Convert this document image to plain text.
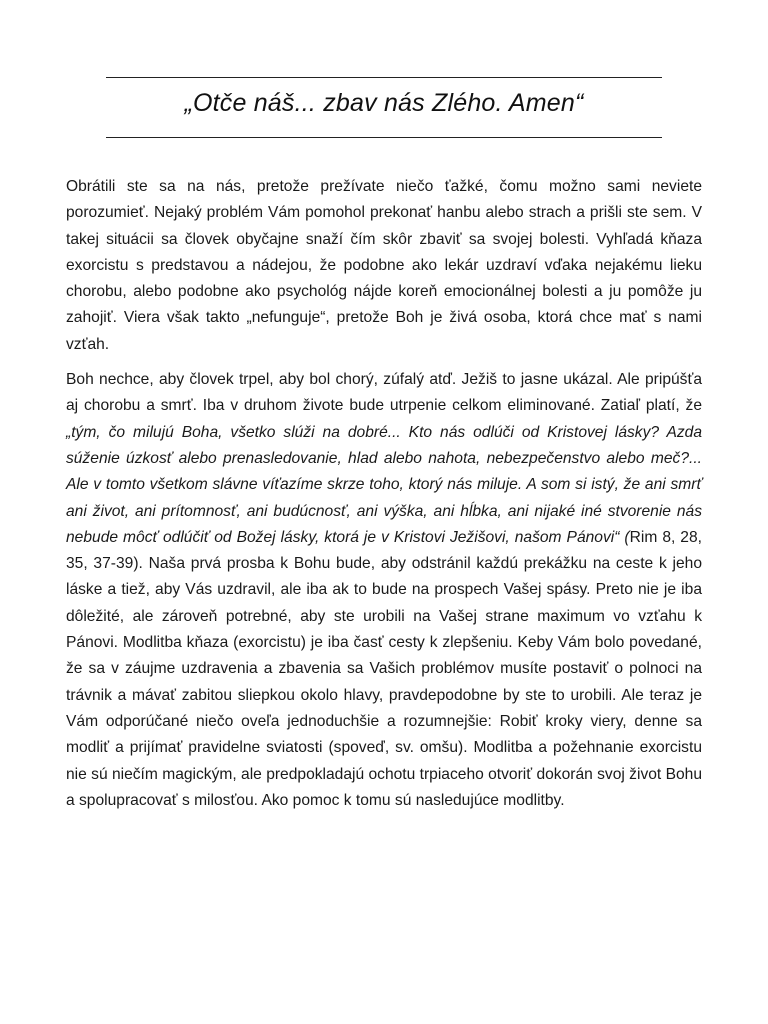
„Otče náš... zbav nás Zlého. Amen“

Obrátili ste sa na nás, pretože prežívate niečo ťažké, čomu možno sami neviete porozumieť. Nejaký problém Vám pomohol prekonať hanbu alebo strach a prišli ste sem. V takej situácii sa človek obyčajne snaží čím skôr zbaviť sa svojej bolesti. Vyhľadá kňaza exorcistu s predstavou a nádejou, že podobne ako lekár uzdraví vďaka nejakému lieku chorobu, alebo podobne ako psychológ nájde koreň emocionálnej bolesti a ju pomôže ju zahojiť. Viera však takto „nefunguje“, pretože Boh je živá osoba, ktorá chce mať s nami vzťah.

Boh nechce, aby človek trpel, aby bol chorý, zúfalý atď. Ježiš to jasne ukázal. Ale pripúšťa aj chorobu a smrť. Iba v druhom živote bude utrpenie celkom eliminované. Zatiaľ platí, že „tým, čo milujú Boha, všetko slúži na dobré... Kto nás odlúči od Kristovej lásky? Azda súženie úzkosť alebo prenasledovanie, hlad alebo nahota, nebezpečenstvo alebo meč?... Ale v tomto všetkom slávne víťazíme skrze toho, ktorý nás miluje. A som si istý, že ani smrť ani život, ani prítomnosť, ani budúcnosť, ani výška, ani hĺbka, ani nijaké iné stvorenie nás nebude môcť odlúčiť od Božej lásky, ktorá je v Kristovi Ježišovi, našom Pánovi“ (Rim 8, 28, 35, 37-39). Naša prvá prosba k Bohu bude, aby odstránil každú prekážku na ceste k jeho láske a tiež, aby Vás uzdravil, ale iba ak to bude na prospech Vašej spásy. Preto nie je iba dôležité, ale zároveň potrebné, aby ste urobili na Vašej strane maximum vo vzťahu k Pánovi. Modlitba kňaza (exorcistu) je iba časť cesty k zlepšeniu. Keby Vám bolo povedané, že sa v záujme uzdravenia a zbavenia sa Vašich problémov musíte postaviť o polnoci na trávnik a mávať zabitou sliepkou okolo hlavy, pravdepodobne by ste to urobili. Ale teraz je Vám odporúčané niečo oveľa jednoduchšie a rozumnejšie: Robiť kroky viery, denne sa modliť a prijímať pravidelne sviatosti (spoveď, sv. omšu). Modlitba a požehnanie exorcistu nie sú niečím magickým, ale predpokladajú ochotu trpiaceho otvoriť dokorán svoj život Bohu a spolupracovať s milosťou. Ako pomoc k tomu sú nasledujúce modlitby.
